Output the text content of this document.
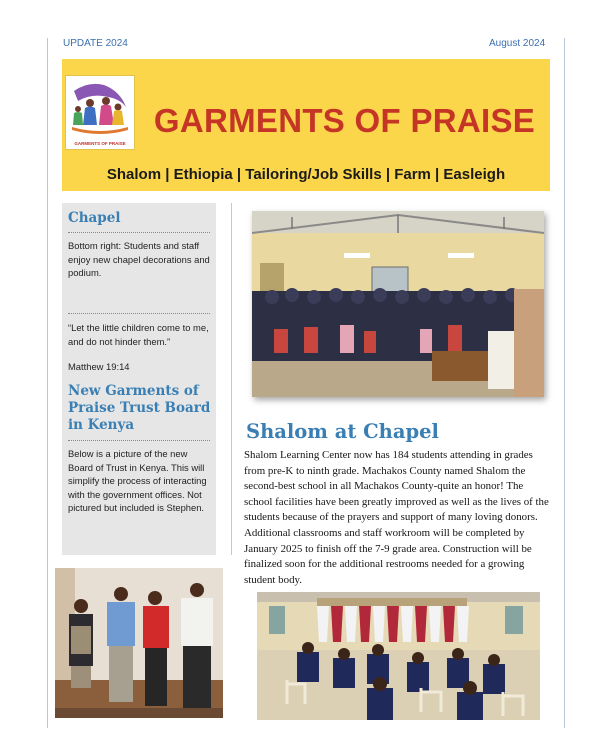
UPDATE 2024	August 2024
GARMENTS OF PRAISE
GARMENTS OF PRAISE
Shalom | Ethiopia | Tailoring/Job Skills | Farm | Easleigh
Chapel
Bottom right: Students and staff enjoy new chapel decorations and podium.
“Let the little children come to me, and do not hinder them.”
Matthew 19:14
New Garments of Praise Trust Board in Kenya
Below is a picture of the new Board of Trust in Kenya. This will simplify the process of interacting with the government offices. Not pictured but included is Stephen.
Shalom at Chapel
Shalom Learning Center now has 184 students attending in grades from pre-K to ninth grade. Machakos County named Shalom the second-best school in all Machakos County-quite an honor! The school facilities have been greatly improved as well as the lives of the students because of the prayers and support of many loving donors. Additional classrooms and staff workroom will be completed by January 2025 to finish off the 7-9 grade area. Construction will be finalized soon for the additional restrooms needed for a growing student body.
